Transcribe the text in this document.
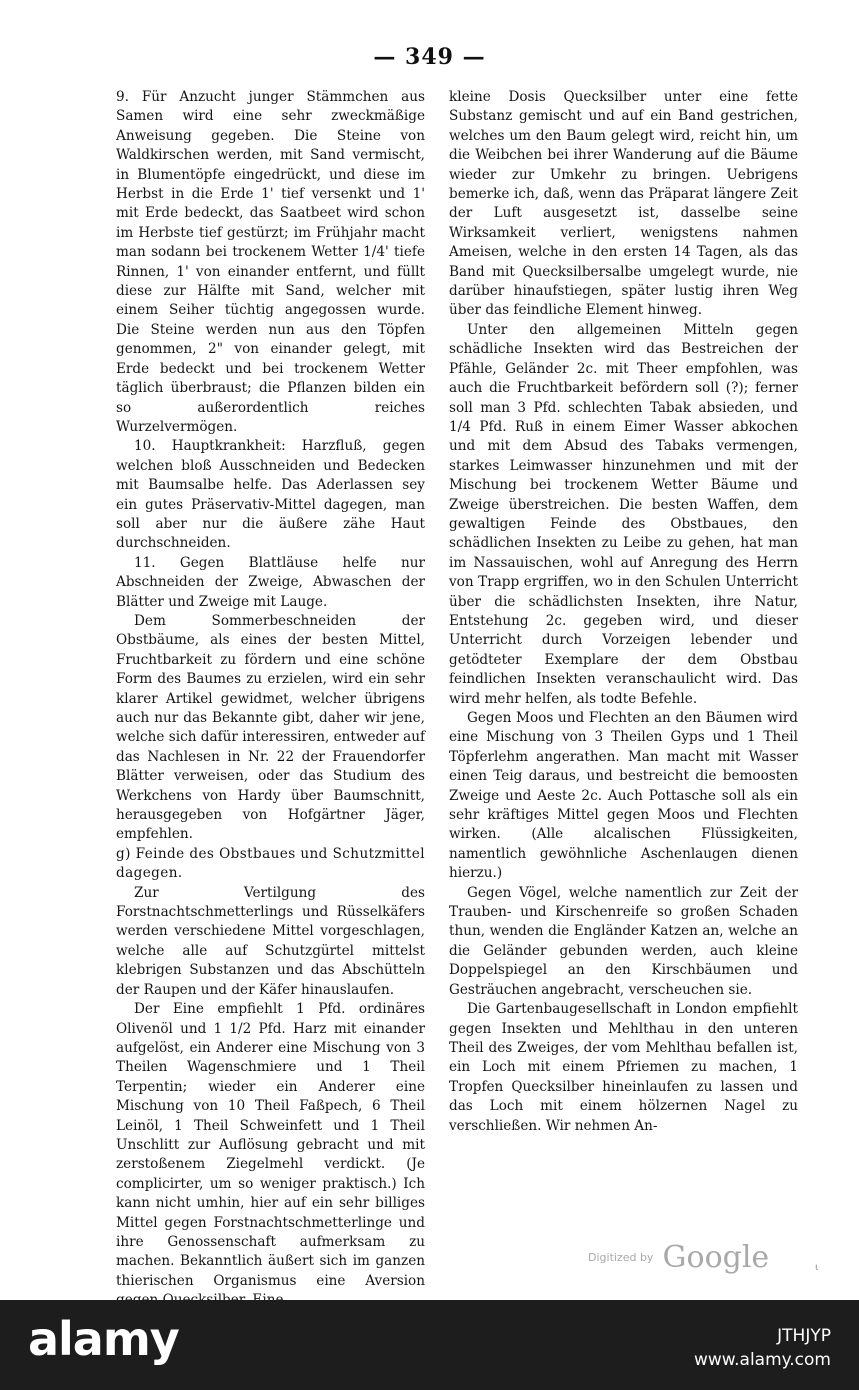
— 349 —

9. Für Anzucht junger Stämmchen aus Samen wird eine sehr zweckmäßige Anweisung gegeben. Die Steine von Waldkirschen werden, mit Sand vermischt, in Blumentöpfe eingedrückt, und diese im Herbst in die Erde 1' tief versenkt und 1' mit Erde bedeckt, das Saatbeet wird schon im Herbste tief gestürzt; im Frühjahr macht man sodann bei trockenem Wetter 1/4' tiefe Rinnen, 1' von einander entfernt, und füllt diese zur Hälfte mit Sand, welcher mit einem Seiher tüchtig angegossen wurde. Die Steine werden nun aus den Töpfen genommen, 2" von einander gelegt, mit Erde bedeckt und bei trockenem Wetter täglich überbraust; die Pflanzen bilden ein so außerordentlich reiches Wurzelvermögen.

10. Hauptkrankheit: Harzfluß, gegen welchen bloß Ausschneiden und Bedecken mit Baumsalbe helfe. Das Aderlassen sey ein gutes Präservativ-Mittel dagegen, man soll aber nur die äußere zähe Haut durchschneiden.

11. Gegen Blattläuse helfe nur Abschneiden der Zweige, Abwaschen der Blätter und Zweige mit Lauge.

Dem Sommerbeschneiden der Obstbäume, als eines der besten Mittel, Fruchtbarkeit zu fördern und eine schöne Form des Baumes zu erzielen, wird ein sehr klarer Artikel gewidmet, welcher übrigens auch nur das Bekannte gibt, daher wir jene, welche sich dafür interessiren, entweder auf das Nachlesen in Nr. 22 der Frauendorfer Blätter verweisen, oder das Studium des Werkchens von Hardy über Baumschnitt, herausgegeben von Hofgärtner Jäger, empfehlen.

g) Feinde des Obstbaues und Schutzmittel dagegen.

Zur Vertilgung des Forstnachtschmetterlings und Rüsselkäfers werden verschiedene Mittel vorgeschlagen, welche alle auf Schutzgürtel mittelst klebrigen Substanzen und das Abschütteln der Raupen und der Käfer hinauslaufen.

Der Eine empfiehlt 1 Pfd. ordinäres Olivenöl und 1 1/2 Pfd. Harz mit einander aufgelöst, ein Anderer eine Mischung von 3 Theilen Wagenschmiere und 1 Theil Terpentin; wieder ein Anderer eine Mischung von 10 Theil Faßpech, 6 Theil Leinöl, 1 Theil Schweinfett und 1 Theil Unschlitt zur Auflösung gebracht und mit zerstoßenem Ziegelmehl verdickt. (Je complicirter, um so weniger praktisch.) Ich kann nicht umhin, hier auf ein sehr billiges Mittel gegen Forstnachtschmetterlinge und ihre Genossenschaft aufmerksam zu machen. Bekanntlich äußert sich im ganzen thierischen Organismus eine Aversion

kleine Dosis Quecksilber unter eine fette Substanz gemischt und auf ein Band gestrichen, welches um den Baum gelegt wird, reicht hin, um die Weibchen bei ihrer Wanderung auf die Bäume wieder zur Umkehr zu bringen. Uebrigens bemerke ich, daß, wenn das Präparat längere Zeit der Luft ausgesetzt ist, dasselbe seine Wirksamkeit verliert, wenigstens nahmen Ameisen, welche in den ersten 14 Tagen, als das Band mit Quecksilbersalbe umgelegt wurde, nie darüber hinaufstiegen, später lustig ihren Weg über das feindliche Element hinweg.

Unter den allgemeinen Mitteln gegen schädliche Insekten wird das Bestreichen der Pfähle, Geländer 2c. mit Theer empfohlen, was auch die Fruchtbarkeit befördern soll (?); ferner soll man 3 Pfd. schlechten Tabak absieden, und 1/4 Pfd. Ruß in einem Eimer Wasser abkochen und mit dem Absud des Tabaks vermengen, starkes Leimwasser hinzunehmen und mit der Mischung bei trockenem Wetter Bäume und Zweige überstreichen. Die besten Waffen, dem gewaltigen Feinde des Obstbaues, den schädlichen Insekten zu Leibe zu gehen, hat man im Nassauischen, wohl auf Anregung des Herrn von Trapp ergriffen, wo in den Schulen Unterricht über die schädlichsten Insekten, ihre Natur, Entstehung 2c. gegeben wird, und dieser Unterricht durch Vorzeigen lebender und getödteter Exemplare der dem Obstbau feindlichen Insekten veranschaulicht wird. Das wird mehr helfen, als todte Befehle.

Gegen Moos und Flechten an den Bäumen wird eine Mischung von 3 Theilen Gyps und 1 Theil Töpferlehm angerathen. Man macht mit Wasser einen Teig daraus, und bestreicht die bemoosten Zweige und Aeste 2c. Auch Pottasche soll als ein sehr kräftiges Mittel gegen Moos und Flechten wirken. (Alle alcalischen Flüssigkeiten, namentlich gewöhnliche Aschenlaugen dienen hierzu.)

Gegen Vögel, welche namentlich zur Zeit der Trauben- und Kirschenreife so großen Schaden thun, wenden die Engländer Katzen an, welche an die Geländer gebunden werden, auch kleine Doppelspiegel an den Kirschbäumen und Gesträuchen angebracht, verscheuchen sie.

Die Gartenbaugesellschaft in London empfiehlt gegen Insekten und Mehlthau in den unteren Theil des Zweiges, der vom Mehlthau befallen ist, ein Loch mit einem Pfriemen zu machen, 1 Tropfen Quecksilber hineinlaufen zu lassen und das Loch mit einem hölzernen Nagel zu verschließen. Wir nehmen An-

Digitized by Google	ɩ
alamy	JTHJYP
www.alamy.com
